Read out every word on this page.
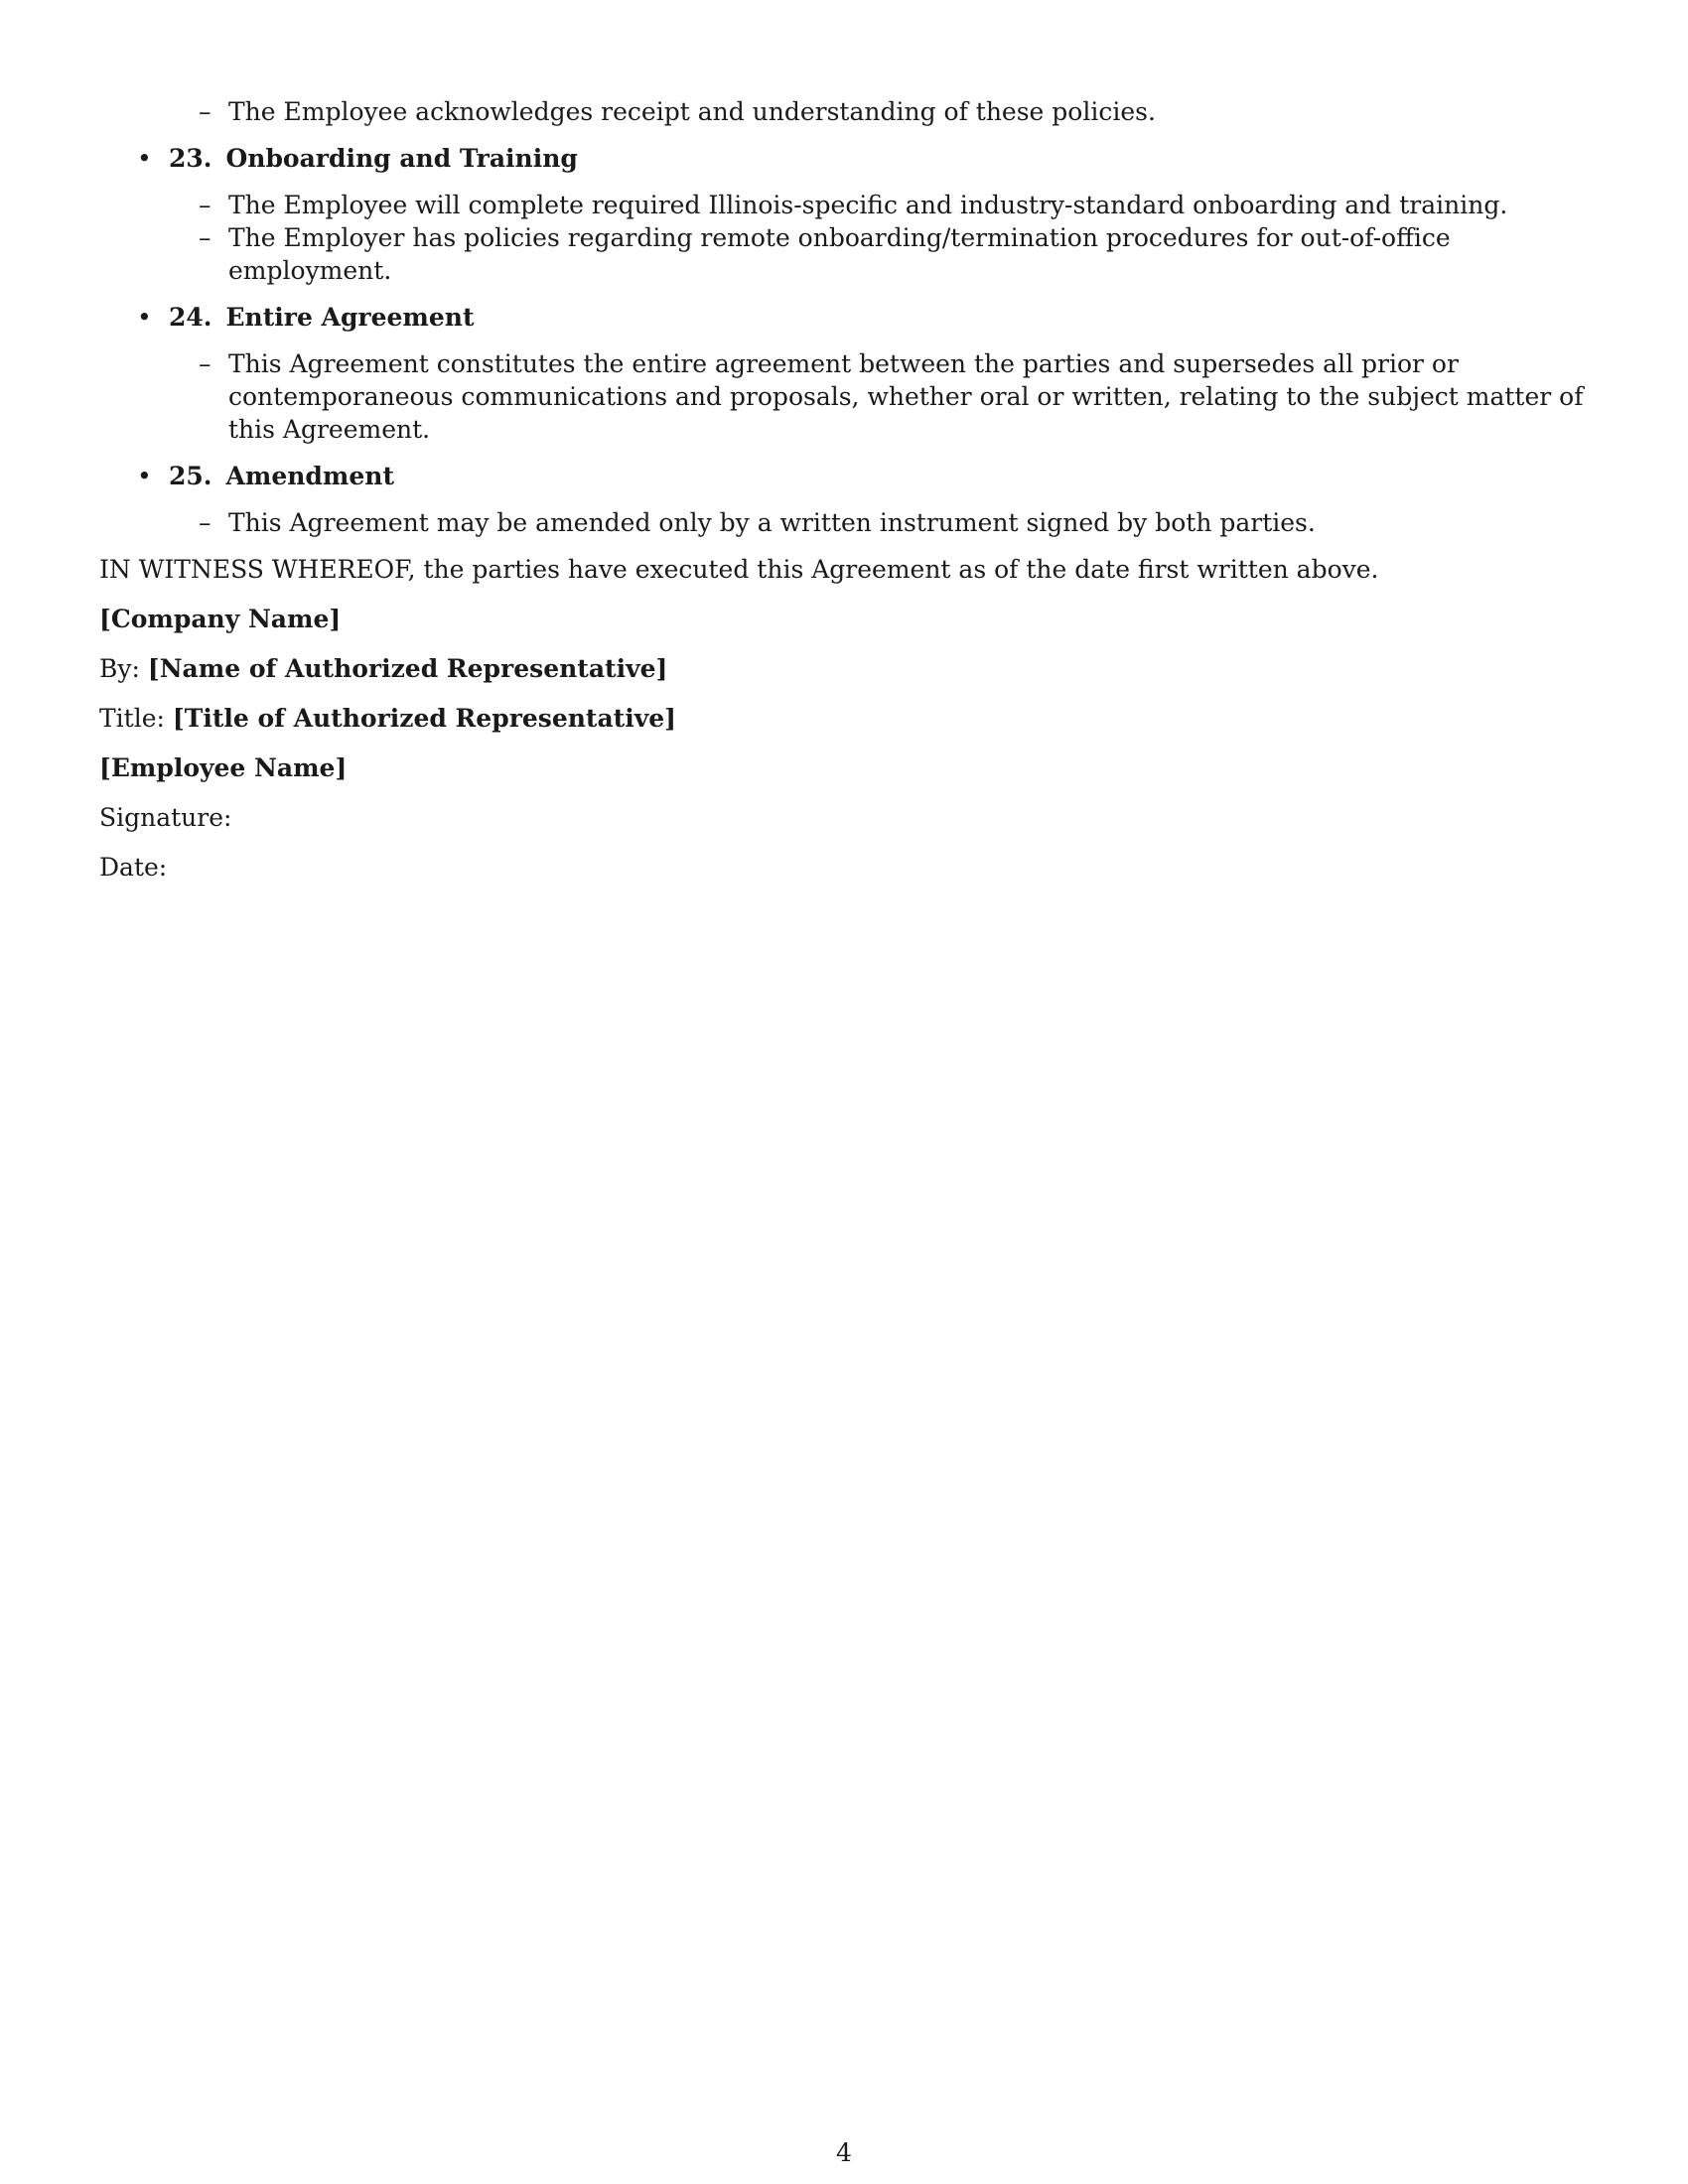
– The Employee acknowledges receipt and understanding of these policies.
• 23. Onboarding and Training
– The Employee will complete required Illinois-specific and industry-standard onboarding and training.
– The Employer has policies regarding remote onboarding/termination procedures for out-of-office employment.
• 24. Entire Agreement
– This Agreement constitutes the entire agreement between the parties and supersedes all prior or contemporaneous communications and proposals, whether oral or written, relating to the subject matter of this Agreement.
• 25. Amendment
– This Agreement may be amended only by a written instrument signed by both parties.

IN WITNESS WHEREOF, the parties have executed this Agreement as of the date first written above.

[Company Name]

By: [Name of Authorized Representative]

Title: [Title of Authorized Representative]

[Employee Name]

Signature:

Date:

4
